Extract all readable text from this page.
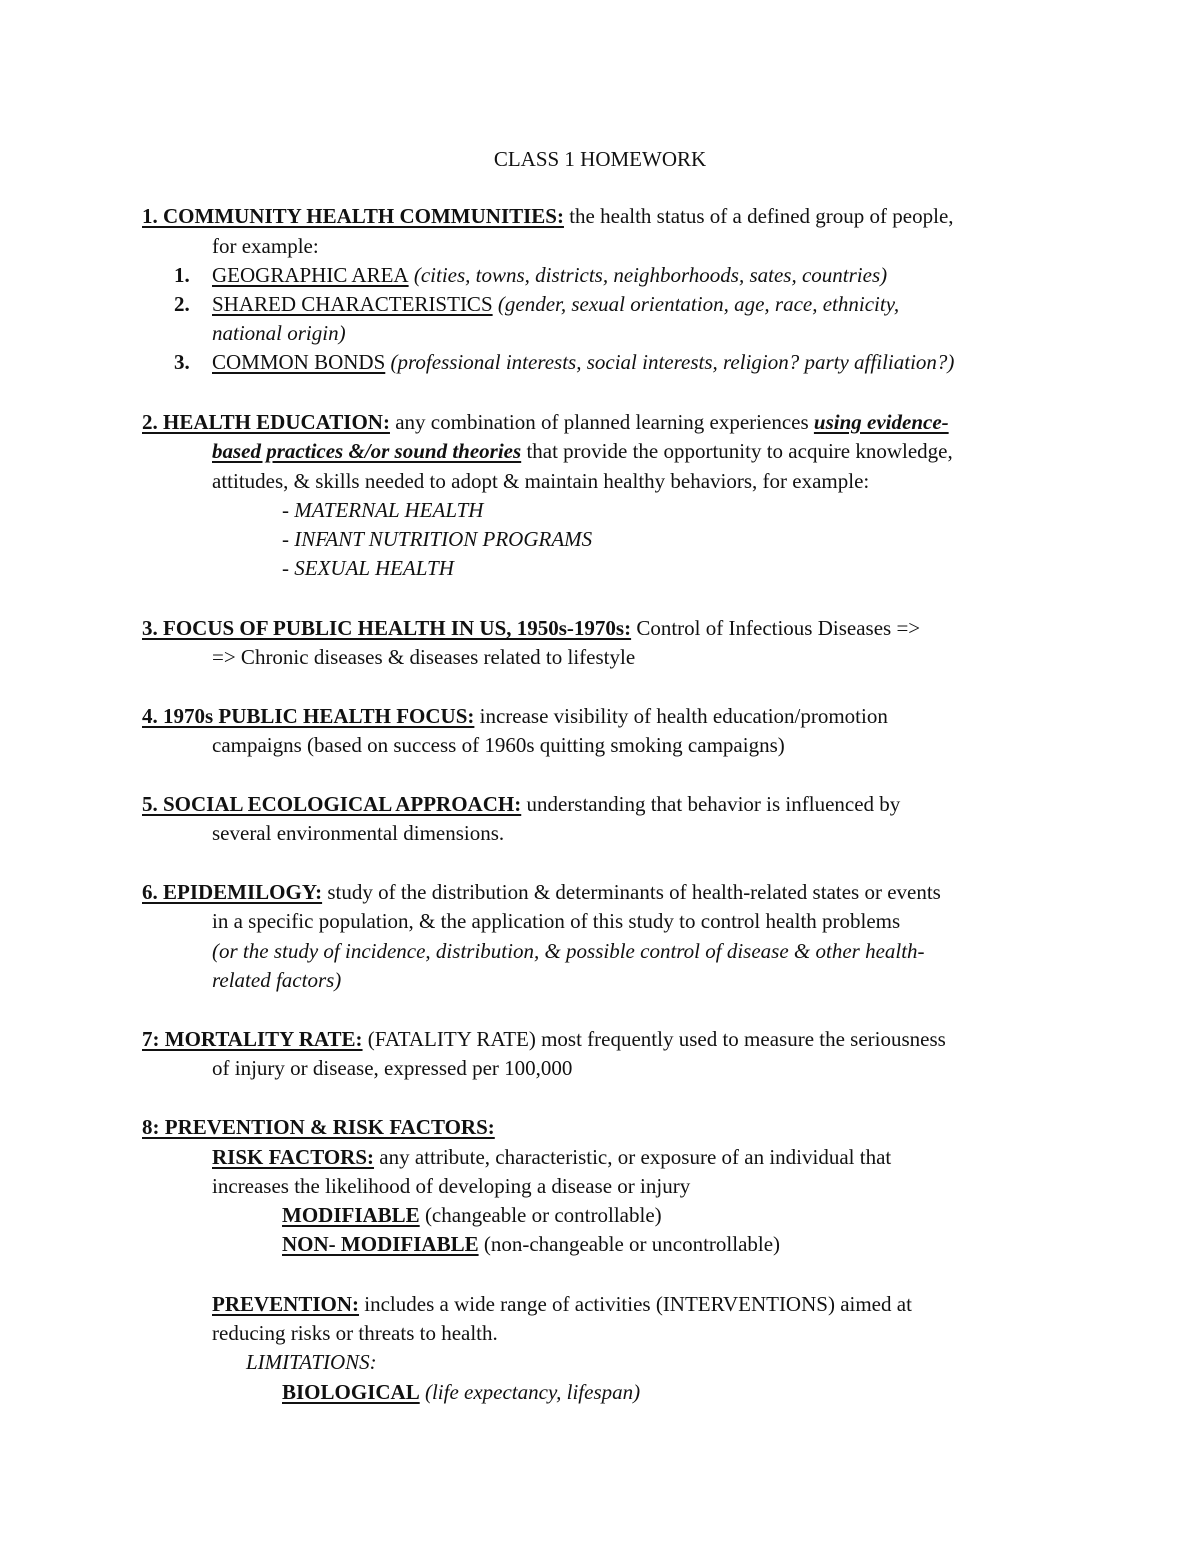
CLASS 1 HOMEWORK
1. COMMUNITY HEALTH COMMUNITIES: the health status of a defined group of people,
for example:
1. GEOGRAPHIC AREA (cities, towns, districts, neighborhoods, sates, countries)
2. SHARED CHARACTERISTICS (gender, sexual orientation, age, race, ethnicity,
national origin)
3. COMMON BONDS (professional interests, social interests, religion? party affiliation?)
2. HEALTH EDUCATION: any combination of planned learning experiences using evidence-
based practices &/or sound theories that provide the opportunity to acquire knowledge,
attitudes, & skills needed to adopt & maintain healthy behaviors, for example:
- MATERNAL HEALTH
- INFANT NUTRITION PROGRAMS
- SEXUAL HEALTH
3. FOCUS OF PUBLIC HEALTH IN US, 1950s-1970s: Control of Infectious Diseases =>
=> Chronic diseases & diseases related to lifestyle
4. 1970s PUBLIC HEALTH FOCUS: increase visibility of health education/promotion
campaigns (based on success of 1960s quitting smoking campaigns)
5. SOCIAL ECOLOGICAL APPROACH: understanding that behavior is influenced by
several environmental dimensions.
6. EPIDEMILOGY: study of the distribution & determinants of health-related states or events
in a specific population, & the application of this study to control health problems
(or the study of incidence, distribution, & possible control of disease & other health-
related factors)
7: MORTALITY RATE: (FATALITY RATE) most frequently used to measure the seriousness
of injury or disease, expressed per 100,000
8: PREVENTION & RISK FACTORS:
RISK FACTORS: any attribute, characteristic, or exposure of an individual that
increases the likelihood of developing a disease or injury
MODIFIABLE (changeable or controllable)
NON- MODIFIABLE (non-changeable or uncontrollable)
PREVENTION: includes a wide range of activities (INTERVENTIONS) aimed at
reducing risks or threats to health.
LIMITATIONS:
BIOLOGICAL (life expectancy, lifespan)
